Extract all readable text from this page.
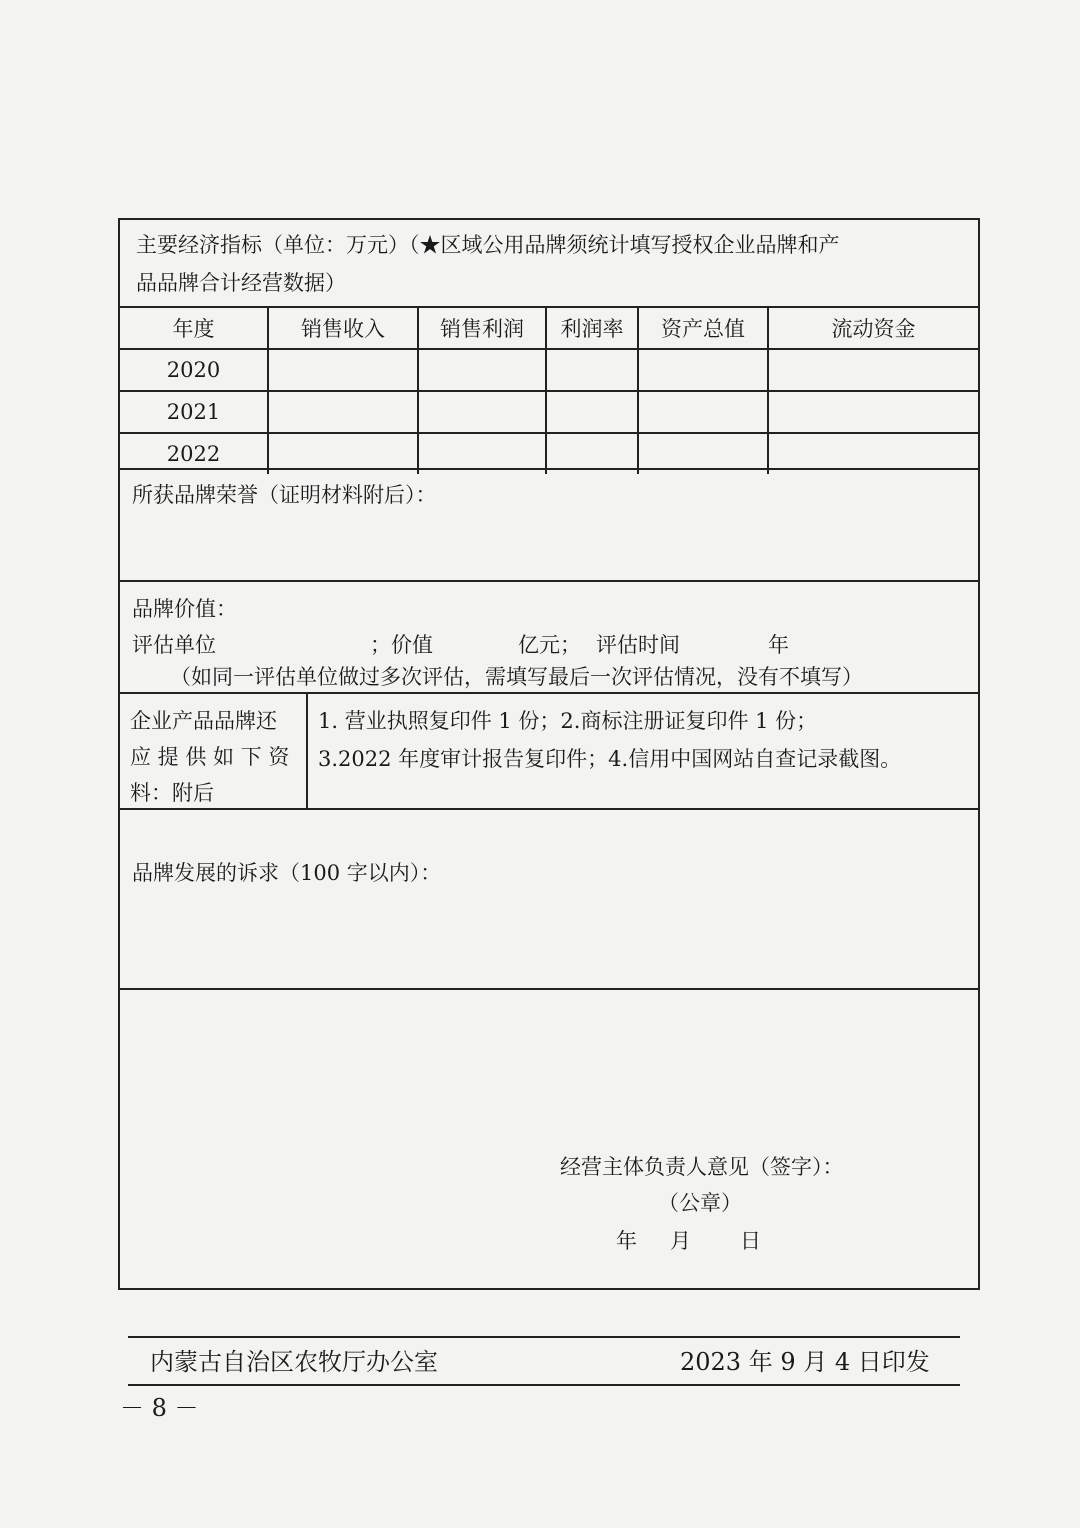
主要经济指标（单位：万元）（★区域公用品牌须统计填写授权企业品牌和产
品品牌合计经营数据）
年度	销售收入	销售利润	利润率	资产总值	流动资金
2020					
2021					
2022					
所获品牌荣誉（证明材料附后）：
品牌价值：
评估单位	；价值	亿元； 评估时间	年
（如同一评估单位做过多次评估，需填写最后一次评估情况，没有不填写）
企业产品品牌还
应 提 供 如 下 资
料：附后
1. 营业执照复印件 1 份；2.商标注册证复印件 1 份；
3.2022 年度审计报告复印件；4.信用中国网站自查记录截图。
品牌发展的诉求（100 字以内）：
经营主体负责人意见（签字）：
（公章）
年 月 日
内蒙古自治区农牧厅办公室	2023 年 9 月 4 日印发
－ 8 －
